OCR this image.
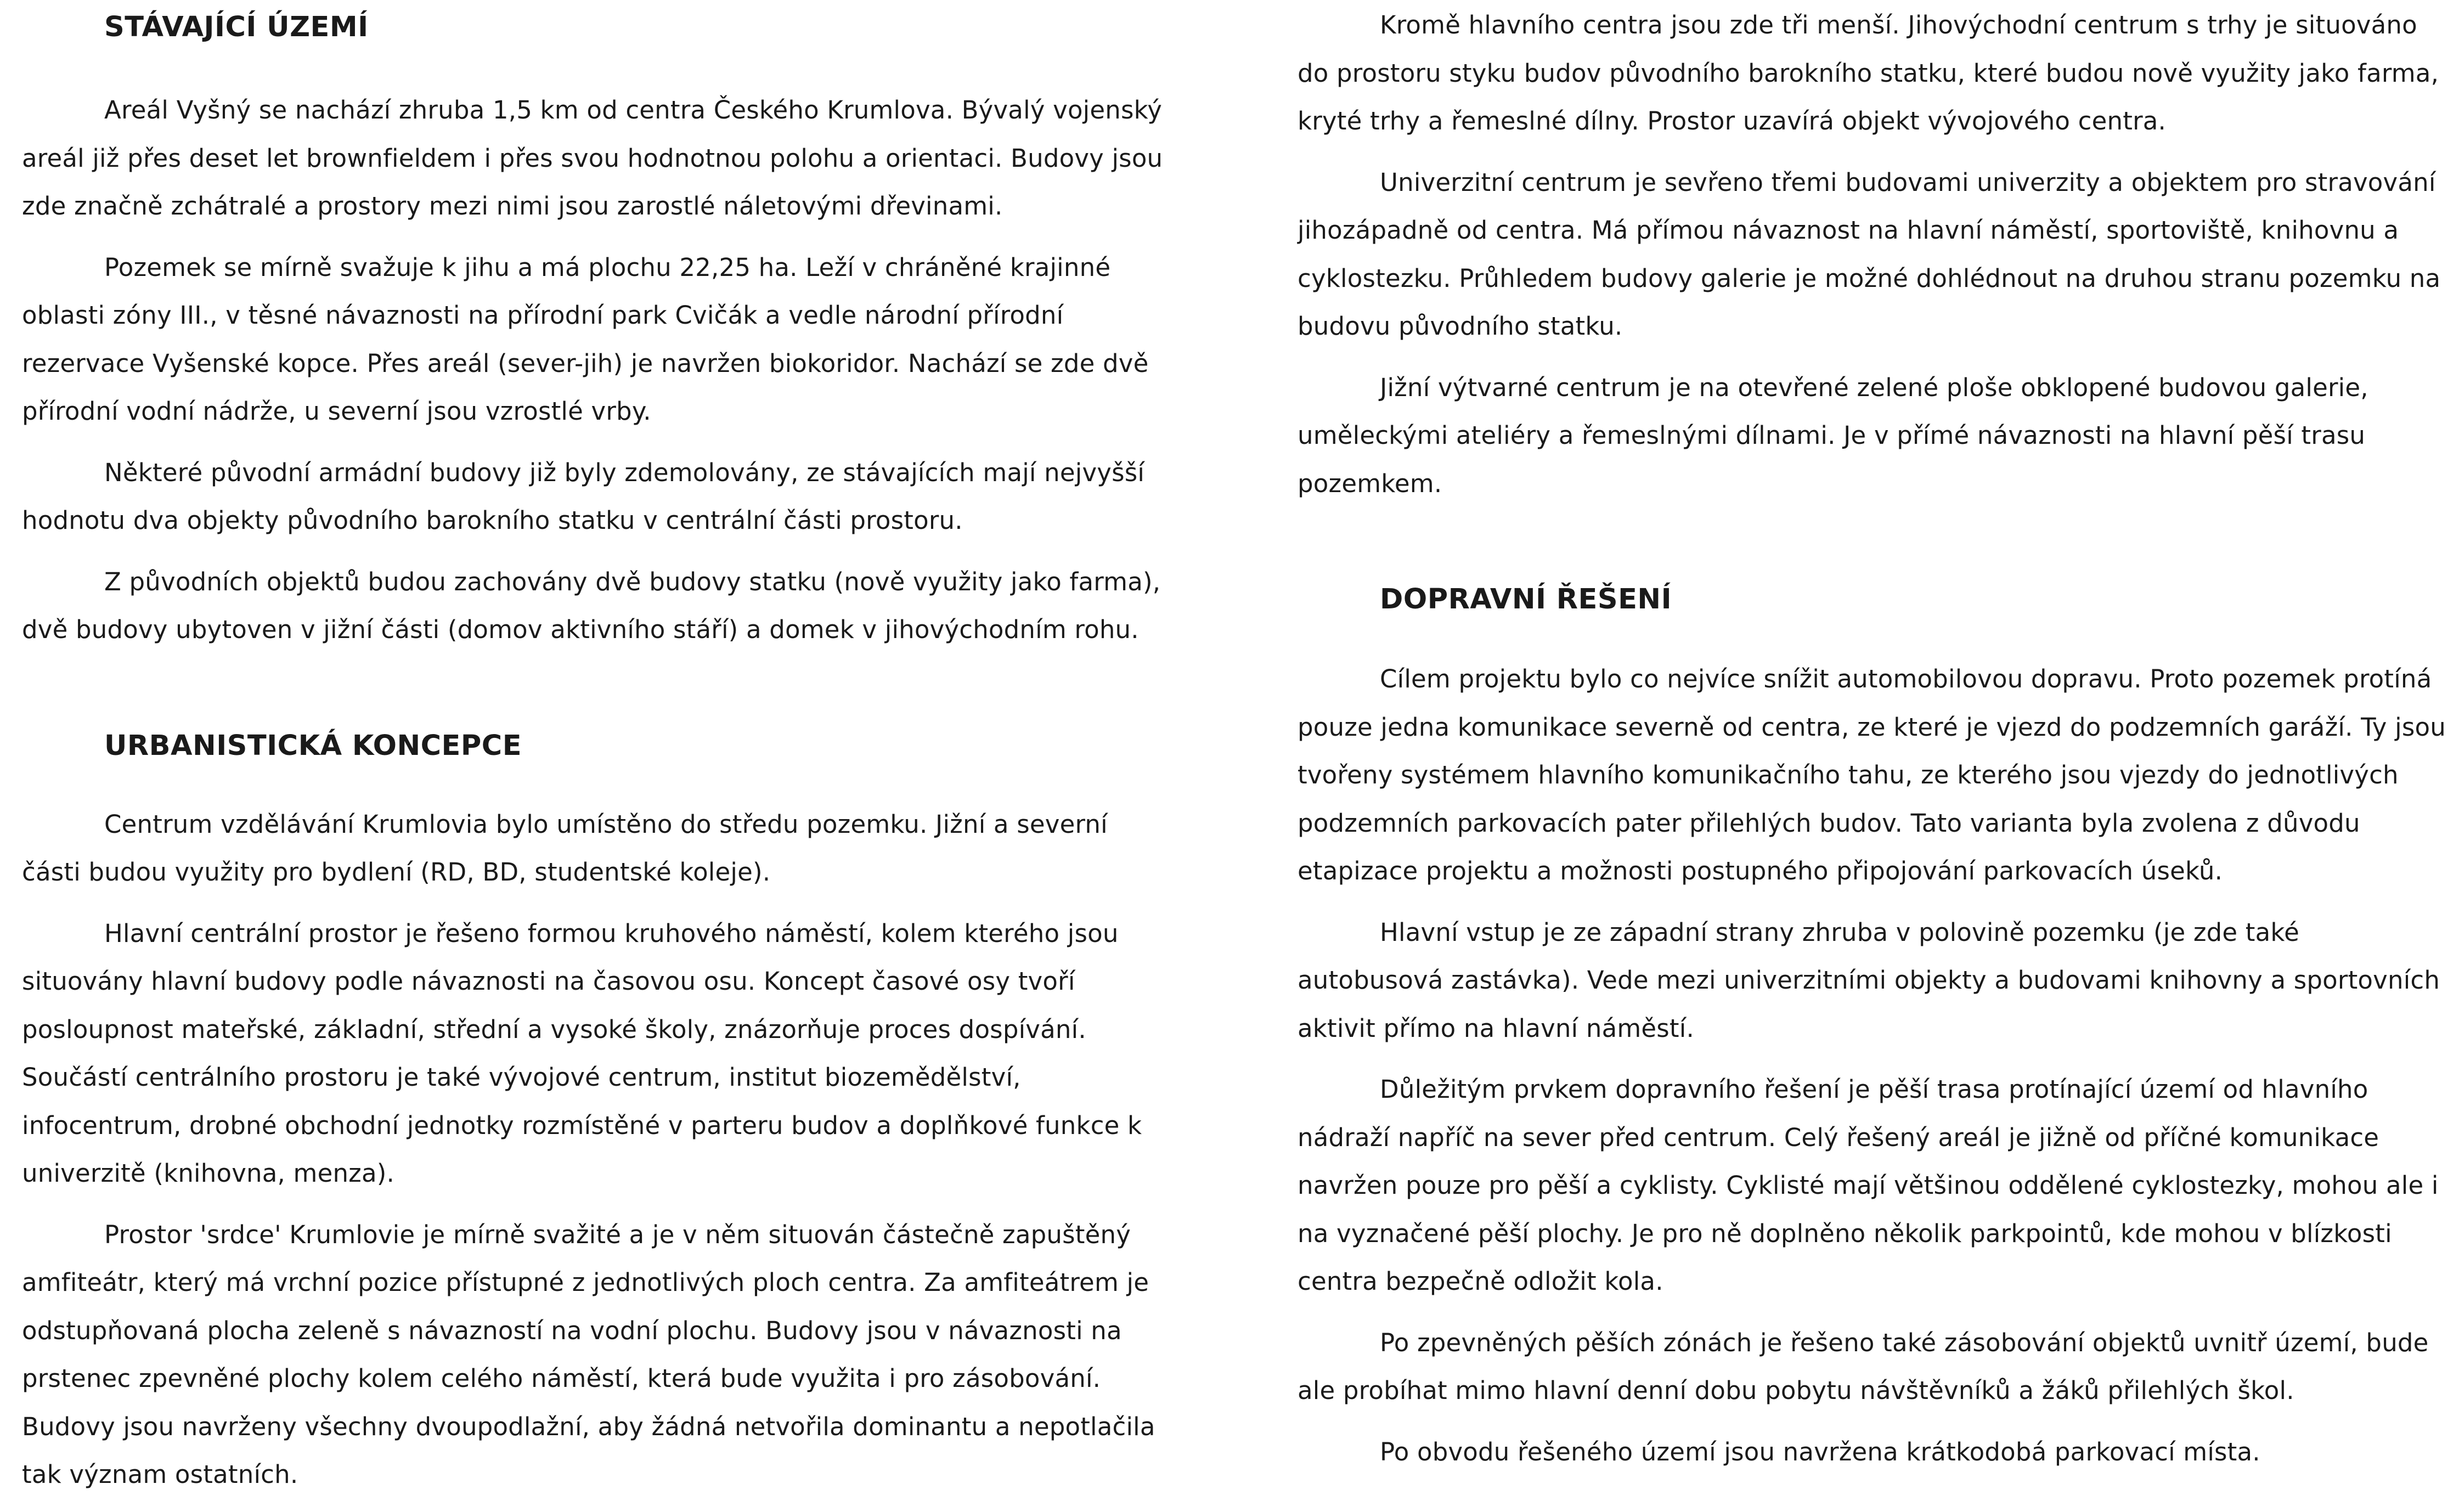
STÁVAJÍCÍ ÚZEMÍ

Areál Vyšný se nachází zhruba 1,5 km od centra Českého Krumlova. Bývalý vojenský areál již přes deset let brownfieldem i přes svou hodnotnou polohu a orientaci. Budovy jsou zde značně zchátralé a prostory mezi nimi jsou zarostlé náletovými dřevinami.

Pozemek se mírně svažuje k jihu a má plochu 22,25 ha. Leží v chráněné krajinné oblasti zóny III., v těsné návaznosti na přírodní park Cvičák a vedle národní přírodní rezervace Vyšenské kopce. Přes areál (sever-jih) je navržen biokoridor. Nachází se zde dvě přírodní vodní nádrže, u severní jsou vzrostlé vrby.

Některé původní armádní budovy již byly zdemolovány, ze stávajících mají nejvyšší hodnotu dva objekty původního barokního statku v centrální části prostoru.

Z původních objektů budou zachovány dvě budovy statku (nově využity jako farma), dvě budovy ubytoven v jižní části (domov aktivního stáří) a domek v jihovýchodním rohu.

URBANISTICKÁ KONCEPCE

Centrum vzdělávání Krumlovia bylo umístěno do středu pozemku. Jižní a severní části budou využity pro bydlení (RD, BD, studentské koleje).

Hlavní centrální prostor je řešeno formou kruhového náměstí, kolem kterého jsou situovány hlavní budovy podle návaznosti na časovou osu. Koncept časové osy tvoří posloupnost mateřské, základní, střední a vysoké školy, znázorňuje proces dospívání. Součástí centrálního prostoru je také vývojové centrum, institut biozemědělství, infocentrum, drobné obchodní jednotky rozmístěné v parteru budov a doplňkové funkce k univerzitě (knihovna, menza).

Prostor 'srdce' Krumlovie je mírně svažité a je v něm situován částečně zapuštěný amfiteátr, který má vrchní pozice přístupné z jednotlivých ploch centra. Za amfiteátrem je odstupňovaná plocha zeleně s návazností na vodní plochu. Budovy jsou v návaznosti na prstenec zpevněné plochy kolem celého náměstí, která bude využita i pro zásobování. Budovy jsou navrženy všechny dvoupodlažní, aby žádná netvořila dominantu a nepotlačila tak význam ostatních.

Kromě hlavního centra jsou zde tři menší. Jihovýchodní centrum s trhy je situováno do prostoru styku budov původního barokního statku, které budou nově využity jako farma, kryté trhy a řemeslné dílny. Prostor uzavírá objekt vývojového centra.

Univerzitní centrum je sevřeno třemi budovami univerzity a objektem pro stravování jihozápadně od centra. Má přímou návaznost na hlavní náměstí, sportoviště, knihovnu a cyklostezku. Průhledem budovy galerie je možné dohlédnout na druhou stranu pozemku na budovu původního statku.

Jižní výtvarné centrum je na otevřené zelené ploše obklopené budovou galerie, uměleckými ateliéry a řemeslnými dílnami. Je v přímé návaznosti na hlavní pěší trasu pozemkem.

DOPRAVNÍ ŘEŠENÍ

Cílem projektu bylo co nejvíce snížit automobilovou dopravu. Proto pozemek protíná pouze jedna komunikace severně od centra, ze které je vjezd do podzemních garáží. Ty jsou tvořeny systémem hlavního komunikačního tahu, ze kterého jsou vjezdy do jednotlivých podzemních parkovacích pater přilehlých budov. Tato varianta byla zvolena z důvodu etapizace projektu a možnosti postupného připojování parkovacích úseků.

Hlavní vstup je ze západní strany zhruba v polovině pozemku (je zde také autobusová zastávka). Vede mezi univerzitními objekty a budovami knihovny a sportovních aktivit přímo na hlavní náměstí.

Důležitým prvkem dopravního řešení je pěší trasa protínající území od hlavního nádraží napříč na sever před centrum. Celý řešený areál je jižně od příčné komunikace navržen pouze pro pěší a cyklisty. Cyklisté mají většinou oddělené cyklostezky, mohou ale i na vyznačené pěší plochy. Je pro ně doplněno několik parkpointů, kde mohou v blízkosti centra bezpečně odložit kola.

Po zpevněných pěších zónách je řešeno také zásobování objektů uvnitř území, bude ale probíhat mimo hlavní denní dobu pobytu návštěvníků a žáků přilehlých škol.

Po obvodu řešeného území jsou navržena krátkodobá parkovací místa.
